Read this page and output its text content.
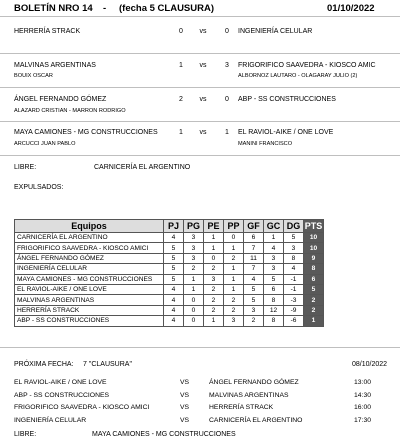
BOLETÍN NRO 14 - (fecha 5 CLAUSURA)	01/10/2022
HERRERÍA STRACK	0	vs	0	INGENIERÍA CELULAR
MALVINAS ARGENTINAS	1	vs	3	FRIGORIFICO SAAVEDRA - KIOSCO AMIC
BOUIX OSCAR	ALBORNOZ LAUTARO - OLAGARAY JULIO (2)
ÁNGEL FERNANDO GÓMEZ	2	vs	0	ABP - SS CONSTRUCCIONES
ALAZARD CRISTIAN - MARRON RODRIGO
MAYA CAMIONES - MG CONSTRUCCIONES	1	vs	1	EL RAVIOL-AIKE / ONE LOVE
ARCUCCI JUAN PABLO	MANINI FRANCISCO
LIBRE:	CARNICERÍA EL ARGENTINO
EXPULSADOS:
Equipos	PJ	PG	PE	PP	GF	GC	DG	PTS
CARNICERÍA EL ARGENTINO	4	3	1	0	6	1	5	10
FRIGORIFICO SAAVEDRA - KIOSCO AMICI	5	3	1	1	7	4	3	10
ÁNGEL FERNANDO GÓMEZ	5	3	0	2	11	3	8	9
INGENIERÍA CELULAR	5	2	2	1	7	3	4	8
MAYA CAMIONES - MG CONSTRUCCIONES	5	1	3	1	4	5	-1	6
EL RAVIOL-AIKE / ONE LOVE	4	1	2	1	5	6	-1	5
MALVINAS ARGENTINAS	4	0	2	2	5	8	-3	2
HERRERÍA STRACK	4	0	2	2	3	12	-9	2
ABP - SS CONSTRUCCIONES	4	0	1	3	2	8	-6	1
PRÓXIMA FECHA: 7 "CLAUSURA"	08/10/2022
EL RAVIOL-AIKE / ONE LOVE	VS	ÁNGEL FERNANDO GÓMEZ	13:00
ABP - SS CONSTRUCCIONES	VS	MALVINAS ARGENTINAS	14:30
FRIGORIFICO SAAVEDRA - KIOSCO AMICI	VS	HERRERÍA STRACK	16:00
INGENIERÍA CELULAR	VS	CARNICERÍA EL ARGENTINO	17:30
LIBRE:	MAYA CAMIONES - MG CONSTRUCCIONES
